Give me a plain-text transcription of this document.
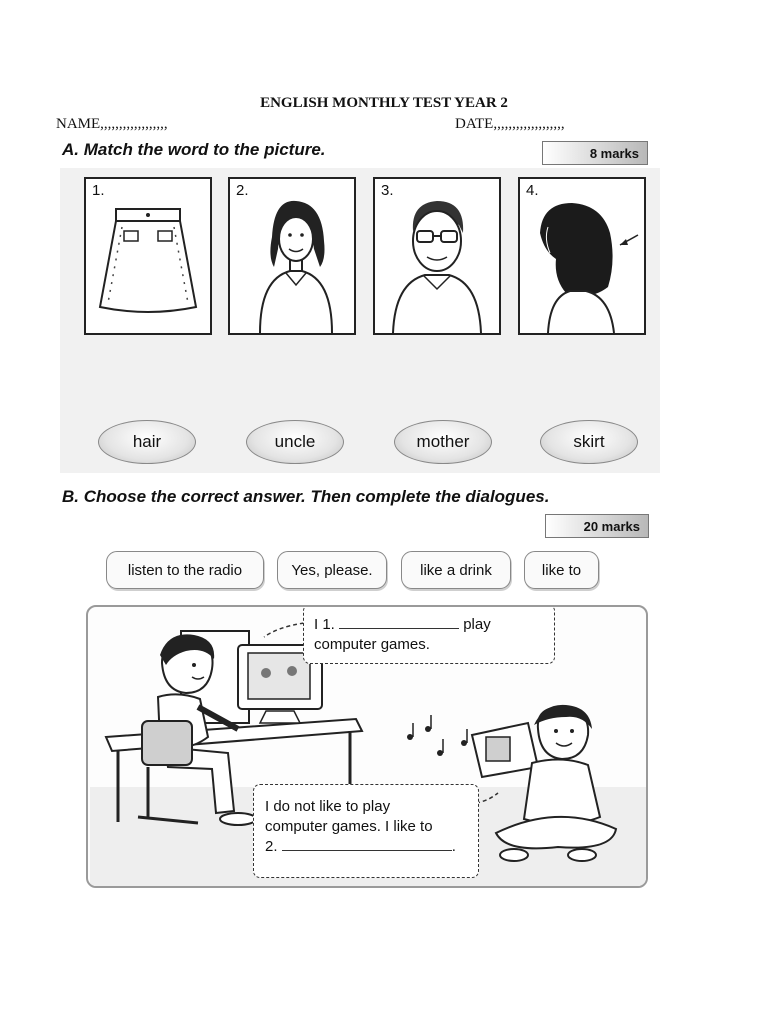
ENGLISH MONTHLY TEST YEAR 2
NAME,,,,,,,,,,,,,,,,,,	DATE,,,,,,,,,,,,,,,,,,,
A. Match the word to the picture.	8 marks
1.	2.	3.	4.
hair	uncle	mother	skirt
B. Choose the correct answer. Then complete the dialogues.
20 marks
listen to the radio	Yes, please.	like a drink	like to
I 1.	play
computer games.
I do not like to play
computer games. I like to
2.	.
